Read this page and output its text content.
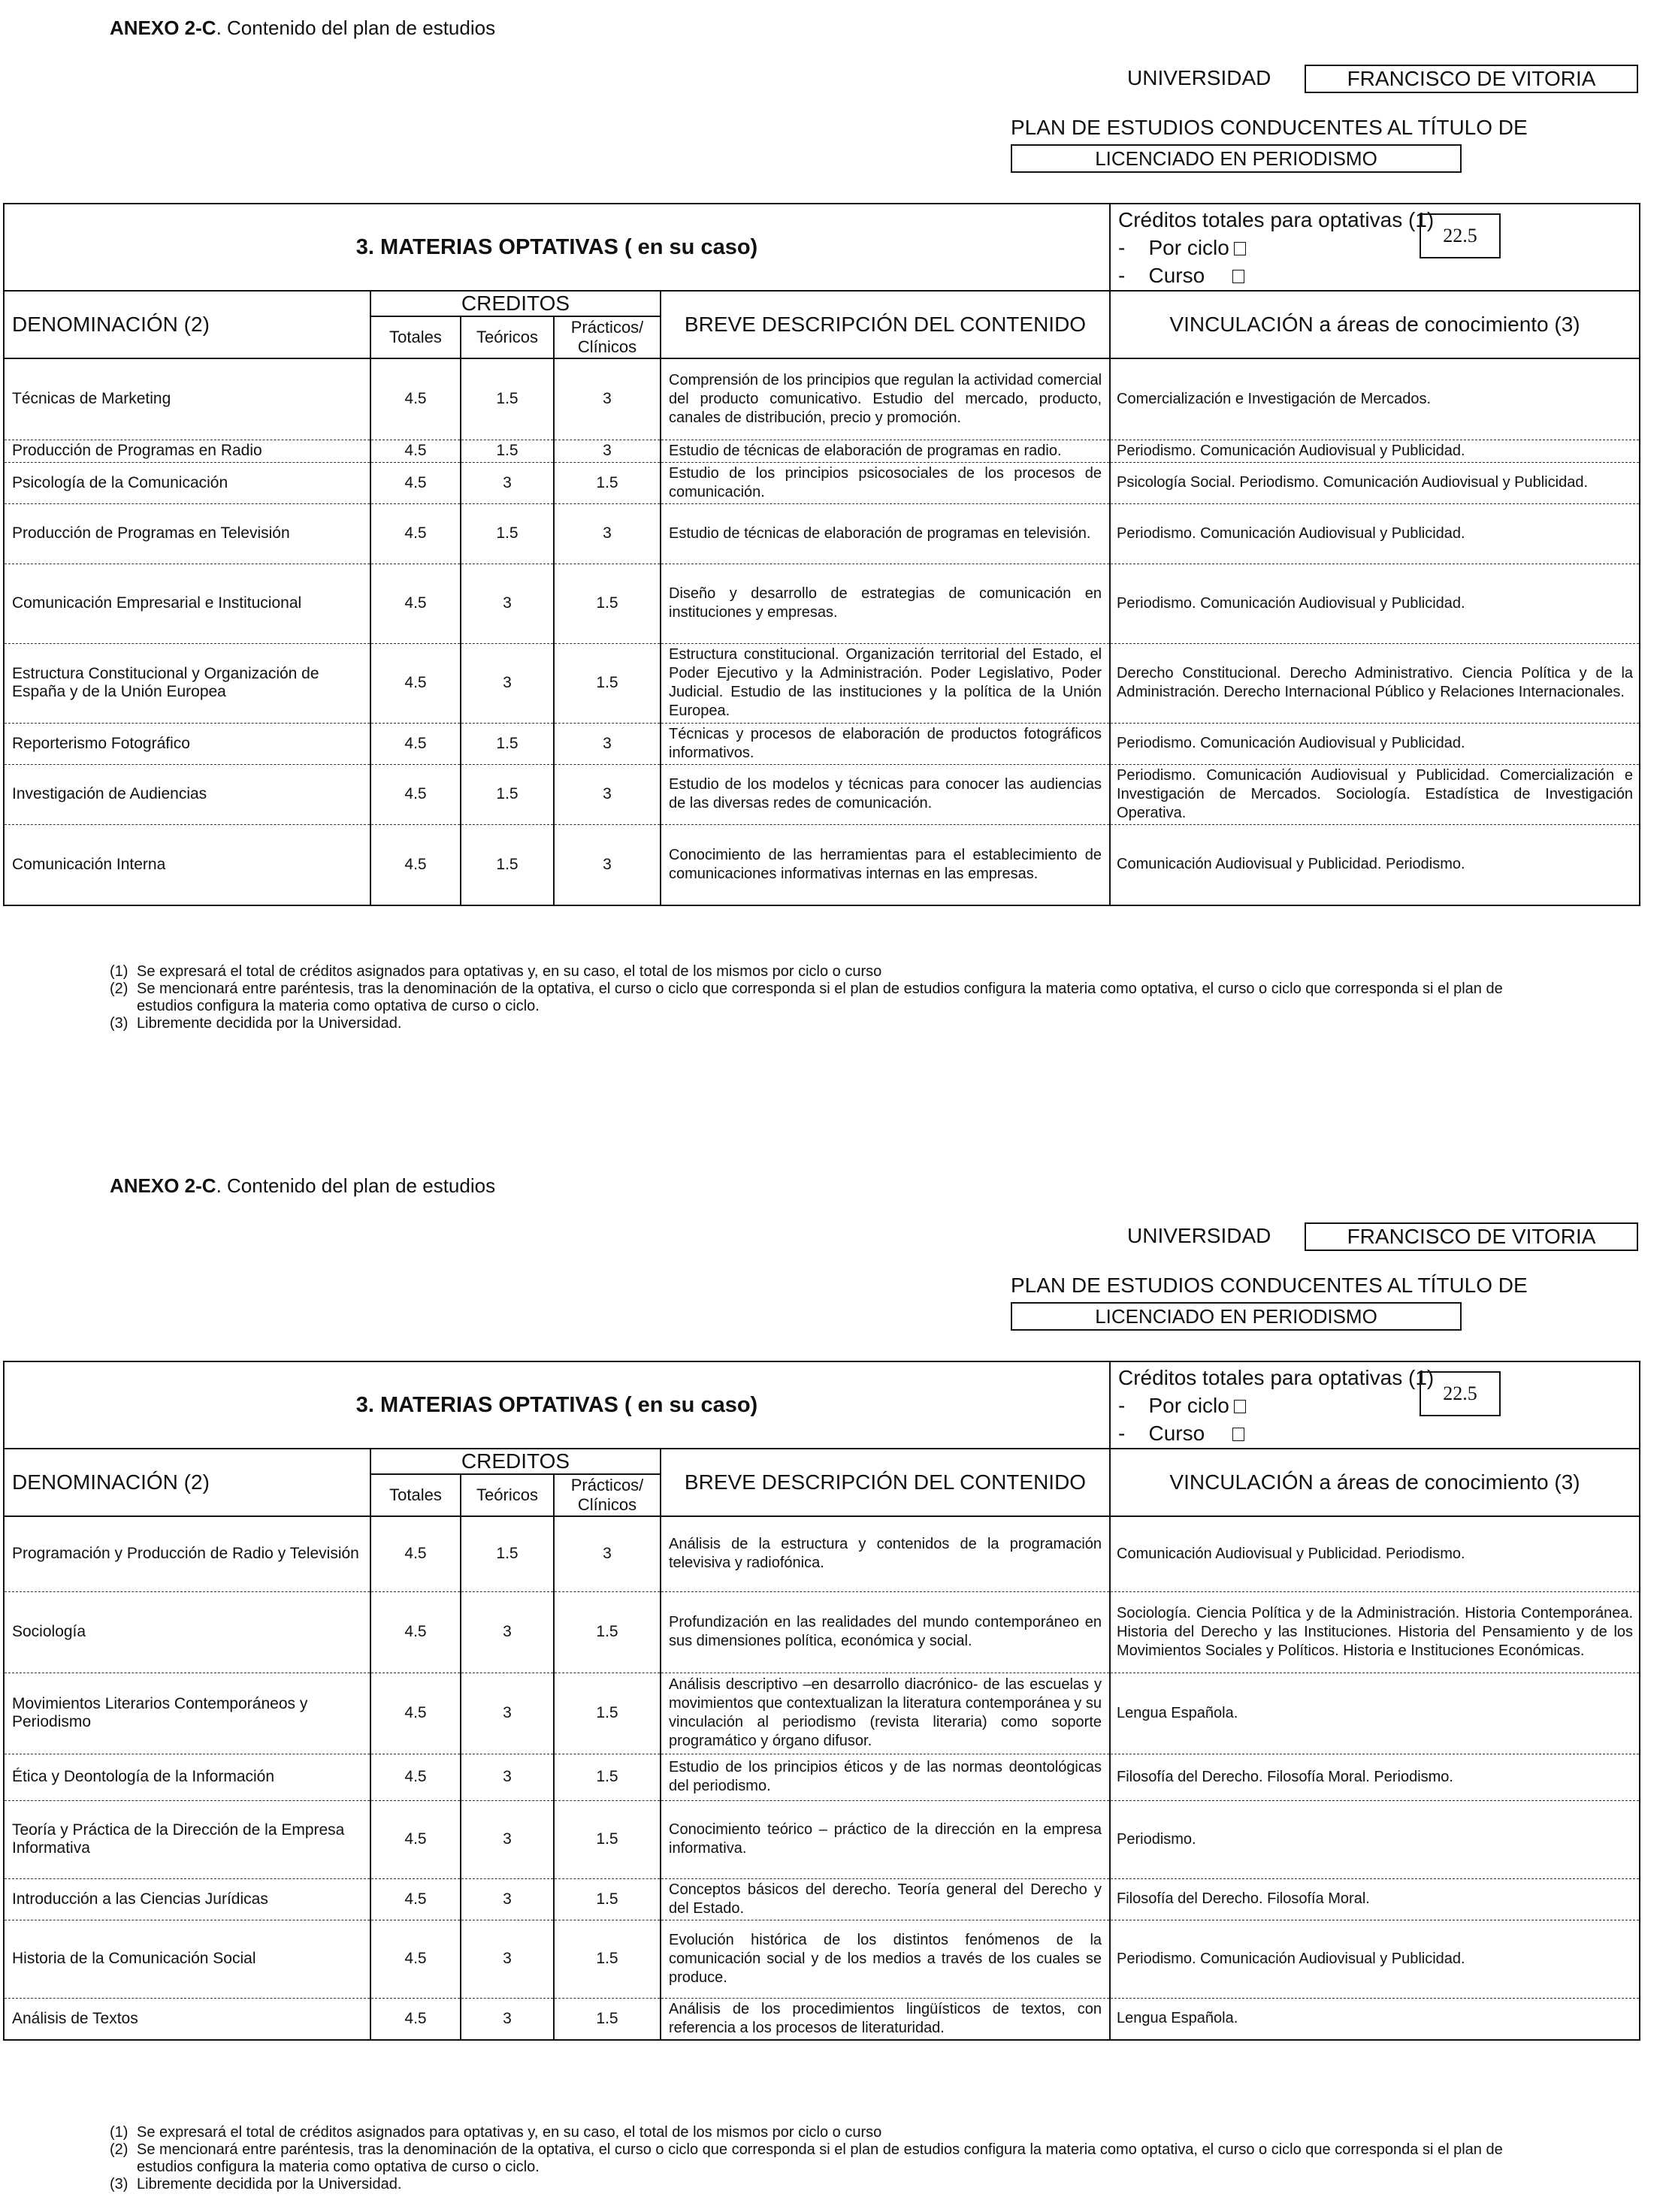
ANEXO 2-C. Contenido del plan de estudios
UNIVERSIDAD	FRANCISCO DE VITORIA
PLAN DE ESTUDIOS CONDUCENTES AL TÍTULO DE
LICENCIADO EN PERIODISMO
3. MATERIAS OPTATIVAS ( en su caso)					Créditos totales para optativas (1)
-    Por ciclo
-    Curso
22.5

DENOMINACIÓN (2)	CREDITOS			BREVE DESCRIPCIÓN DEL CONTENIDO	VINCULACIÓN a áreas de conocimiento (3)
	Totales	Teóricos	Prácticos/ Clínicos		
Técnicas de Marketing	4.5	1.5	3	Comprensión de los principios que regulan la actividad comercial del producto comunicativo. Estudio del mercado, producto, canales de distribución, precio y promoción.	Comercialización e Investigación de Mercados.
Producción de Programas en Radio	4.5	1.5	3	Estudio de técnicas de elaboración de programas en radio.	Periodismo. Comunicación Audiovisual y Publicidad.
Psicología de la Comunicación	4.5	3	1.5	Estudio de los principios psicosociales de los procesos de comunicación.	Psicología Social. Periodismo. Comunicación Audiovisual y Publicidad.
Producción de Programas en Televisión	4.5	1.5	3	Estudio de técnicas de elaboración de programas en televisión.	Periodismo. Comunicación Audiovisual y Publicidad.
Comunicación Empresarial e Institucional	4.5	3	1.5	Diseño y desarrollo de estrategias de comunicación en instituciones y empresas.	Periodismo. Comunicación Audiovisual y Publicidad.
Estructura Constitucional y Organización de España y de la Unión Europea	4.5	3	1.5	Estructura constitucional. Organización territorial del Estado, el Poder Ejecutivo y la Administración. Poder Legislativo, Poder Judicial. Estudio de las instituciones y la política de la Unión Europea.	Derecho Constitucional. Derecho Administrativo. Ciencia Política y de la Administración. Derecho Internacional Público y Relaciones Internacionales.
Reporterismo Fotográfico	4.5	1.5	3	Técnicas y procesos de elaboración de productos fotográficos informativos.	Periodismo. Comunicación Audiovisual y Publicidad.
Investigación de Audiencias	4.5	1.5	3	Estudio de los modelos y técnicas para conocer las audiencias de las diversas redes de comunicación.	Periodismo. Comunicación Audiovisual y Publicidad. Comercialización e Investigación de Mercados. Sociología. Estadística de Investigación Operativa.
Comunicación Interna	4.5	1.5	3	Conocimiento de las herramientas para el establecimiento de comunicaciones informativas internas en las empresas.	Comunicación Audiovisual y Publicidad. Periodismo.
(1) Se expresará el total de créditos asignados para optativas y, en su caso, el total de los mismos por ciclo o curso
(2) Se mencionará entre paréntesis, tras la denominación de la optativa, el curso o ciclo que corresponda si el plan de estudios configura la materia como optativa, el curso o ciclo que corresponda si el plan de estudios configura la materia como optativa de curso o ciclo.
(3) Libremente decidida por la Universidad.
ANEXO 2-C. Contenido del plan de estudios
UNIVERSIDAD	FRANCISCO DE VITORIA
PLAN DE ESTUDIOS CONDUCENTES AL TÍTULO DE
LICENCIADO EN PERIODISMO
3. MATERIAS OPTATIVAS ( en su caso)					Créditos totales para optativas (1)
-    Por ciclo
-    Curso
22.5

DENOMINACIÓN (2)	CREDITOS			BREVE DESCRIPCIÓN DEL CONTENIDO	VINCULACIÓN a áreas de conocimiento (3)
	Totales	Teóricos	Prácticos/ Clínicos		
Programación y Producción de Radio y Televisión	4.5	1.5	3	Análisis de la estructura y contenidos de la programación televisiva y radiofónica.	Comunicación Audiovisual y Publicidad. Periodismo.
Sociología	4.5	3	1.5	Profundización en las realidades del mundo contemporáneo en sus dimensiones política, económica y social.	Sociología. Ciencia Política y de la Administración. Historia Contemporánea. Historia del Derecho y las Instituciones. Historia del Pensamiento y de los Movimientos Sociales y Políticos. Historia e Instituciones Económicas.
Movimientos Literarios Contemporáneos y Periodismo	4.5	3	1.5	Análisis descriptivo –en desarrollo diacrónico- de las escuelas y movimientos que contextualizan la literatura contemporánea y su vinculación al periodismo (revista literaria) como soporte programático y órgano difusor.	Lengua Española.
Ética y Deontología de la Información	4.5	3	1.5	Estudio de los principios éticos y de las normas deontológicas del periodismo.	Filosofía del Derecho. Filosofía Moral. Periodismo.
Teoría y Práctica de la Dirección de la Empresa Informativa	4.5	3	1.5	Conocimiento teórico – práctico de la dirección en la empresa informativa.	Periodismo.
Introducción a las Ciencias Jurídicas	4.5	3	1.5	Conceptos básicos del derecho. Teoría general del Derecho y del Estado.	Filosofía del Derecho. Filosofía Moral.
Historia de la Comunicación Social	4.5	3	1.5	Evolución histórica de los distintos fenómenos de la comunicación social y de los medios a través de los cuales se produce.	Periodismo. Comunicación Audiovisual y Publicidad.
Análisis de Textos	4.5	3	1.5	Análisis de los procedimientos lingüísticos de textos, con referencia a los procesos de literaturidad.	Lengua Española.
(1) Se expresará el total de créditos asignados para optativas y, en su caso, el total de los mismos por ciclo o curso
(2) Se mencionará entre paréntesis, tras la denominación de la optativa, el curso o ciclo que corresponda si el plan de estudios configura la materia como optativa, el curso o ciclo que corresponda si el plan de estudios configura la materia como optativa de curso o ciclo.
(3) Libremente decidida por la Universidad.
